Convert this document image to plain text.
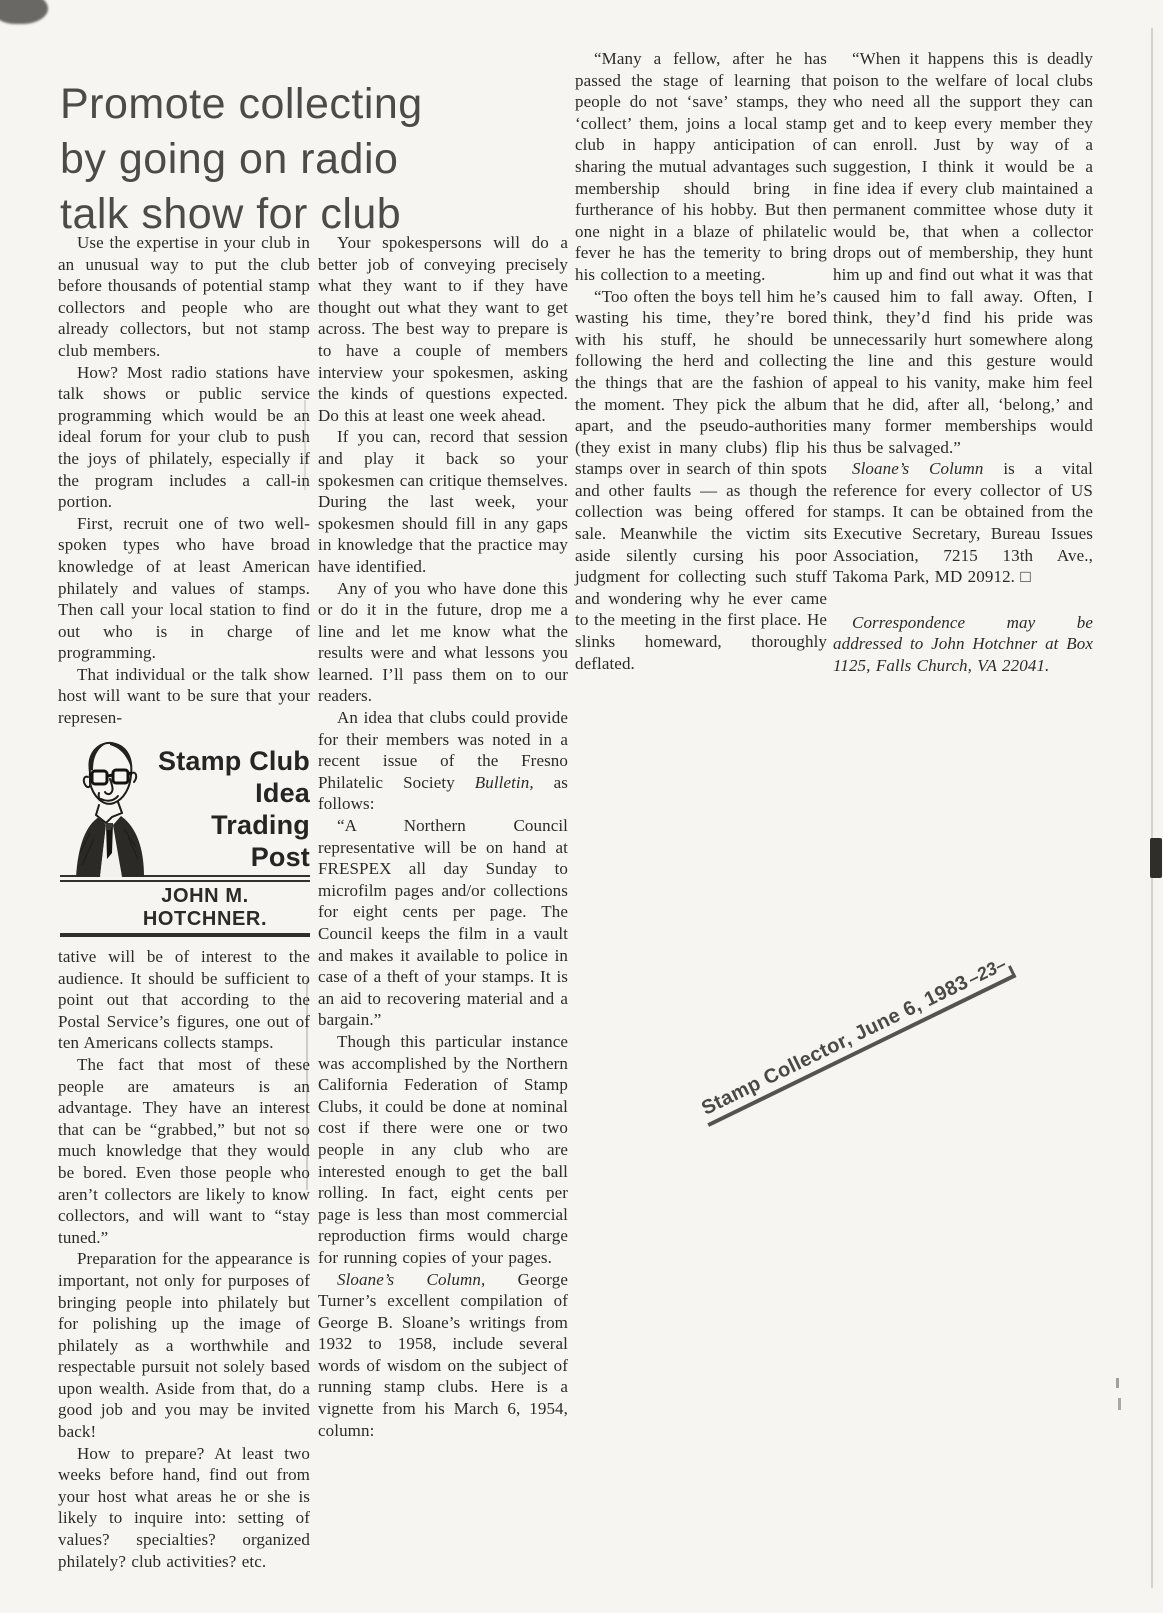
Promote collecting
by going on radio
talk show for club

Use the expertise in your club in an unusual way to put the club before thousands of potential stamp collectors and people who are already collectors, but not stamp club members.

How? Most radio stations have talk shows or public service programming which would be an ideal forum for your club to push the joys of philately, especially if the program includes a call-in portion.

First, recruit one of two well-spoken types who have broad knowledge of at least American philately and values of stamps. Then call your local station to find out who is in charge of programming.

That individual or the talk show host will want to be sure that your represen-

Stamp Club
Idea
Trading
Post
JOHN M. HOTCHNER.

tative will be of interest to the audience. It should be sufficient to point out that according to the Postal Service’s figures, one out of ten Americans collects stamps.

The fact that most of these people are amateurs is an advantage. They have an interest that can be “grabbed,” but not so much knowledge that they would be bored. Even those people who aren’t collectors are likely to know collectors, and will want to “stay tuned.”

Preparation for the appearance is important, not only for purposes of bringing people into philately but for polishing up the image of philately as a worthwhile and respectable pursuit not solely based upon wealth. Aside from that, do a good job and you may be invited back!

How to prepare? At least two weeks before hand, find out from your host what areas he or she is likely to inquire into: setting of values? specialties? organized philately? club activities? etc.

Your spokespersons will do a better job of conveying precisely what they want to if they have thought out what they want to get across. The best way to prepare is to have a couple of members interview your spokesmen, asking the kinds of questions expected. Do this at least one week ahead.

If you can, record that session and play it back so your spokesmen can critique themselves. During the last week, your spokesmen should fill in any gaps in knowledge that the practice may have identified.

Any of you who have done this or do it in the future, drop me a line and let me know what the results were and what lessons you learned. I’ll pass them on to our readers.

An idea that clubs could provide for their members was noted in a recent issue of the Fresno Philatelic Society Bulletin, as follows:

“A Northern Council representative will be on hand at FRESPEX all day Sunday to microfilm pages and/or collections for eight cents per page. The Council keeps the film in a vault and makes it available to police in case of a theft of your stamps. It is an aid to recovering material and a bargain.”

Though this particular instance was accomplished by the Northern California Federation of Stamp Clubs, it could be done at nominal cost if there were one or two people in any club who are interested enough to get the ball rolling. In fact, eight cents per page is less than most commercial reproduction firms would charge for running copies of your pages.

Sloane’s Column, George Turner’s excellent compilation of George B. Sloane’s writings from 1932 to 1958, include several words of wisdom on the subject of running stamp clubs. Here is a vignette from his March 6, 1954, column:

“Many a fellow, after he has passed the stage of learning that people do not ‘save’ stamps, they ‘collect’ them, joins a local stamp club in happy anticipation of sharing the mutual advantages such membership should bring in furtherance of his hobby. But then one night in a blaze of philatelic fever he has the temerity to bring his collection to a meeting.

“Too often the boys tell him he’s wasting his time, they’re bored with his stuff, he should be following the herd and collecting the things that are the fashion of the moment. They pick the album apart, and the pseudo-authorities (they exist in many clubs) flip his stamps over in search of thin spots and other faults — as though the collection was being offered for sale. Meanwhile the victim sits aside silently cursing his poor judgment for collecting such stuff and wondering why he ever came to the meeting in the first place. He slinks homeward, thoroughly deflated.

“When it happens this is deadly poison to the welfare of local clubs who need all the support they can get and to keep every member they can enroll. Just by way of a suggestion, I think it would be a fine idea if every club maintained a permanent committee whose duty it would be, that when a collector drops out of membership, they hunt him up and find out what it was that caused him to fall away. Often, I think, they’d find his pride was unnecessarily hurt somewhere along the line and this gesture would appeal to his vanity, make him feel that he did, after all, ‘belong,’ and many former memberships would thus be salvaged.”

Sloane’s Column is a vital reference for every collector of US stamps. It can be obtained from the Executive Secretary, Bureau Issues Association, 7215 13th Ave., Takoma Park, MD 20912. □

Correspondence may be addressed to John Hotchner at Box 1125, Falls Church, VA 22041.

Stamp Collector, June 6, 1983
–23–
